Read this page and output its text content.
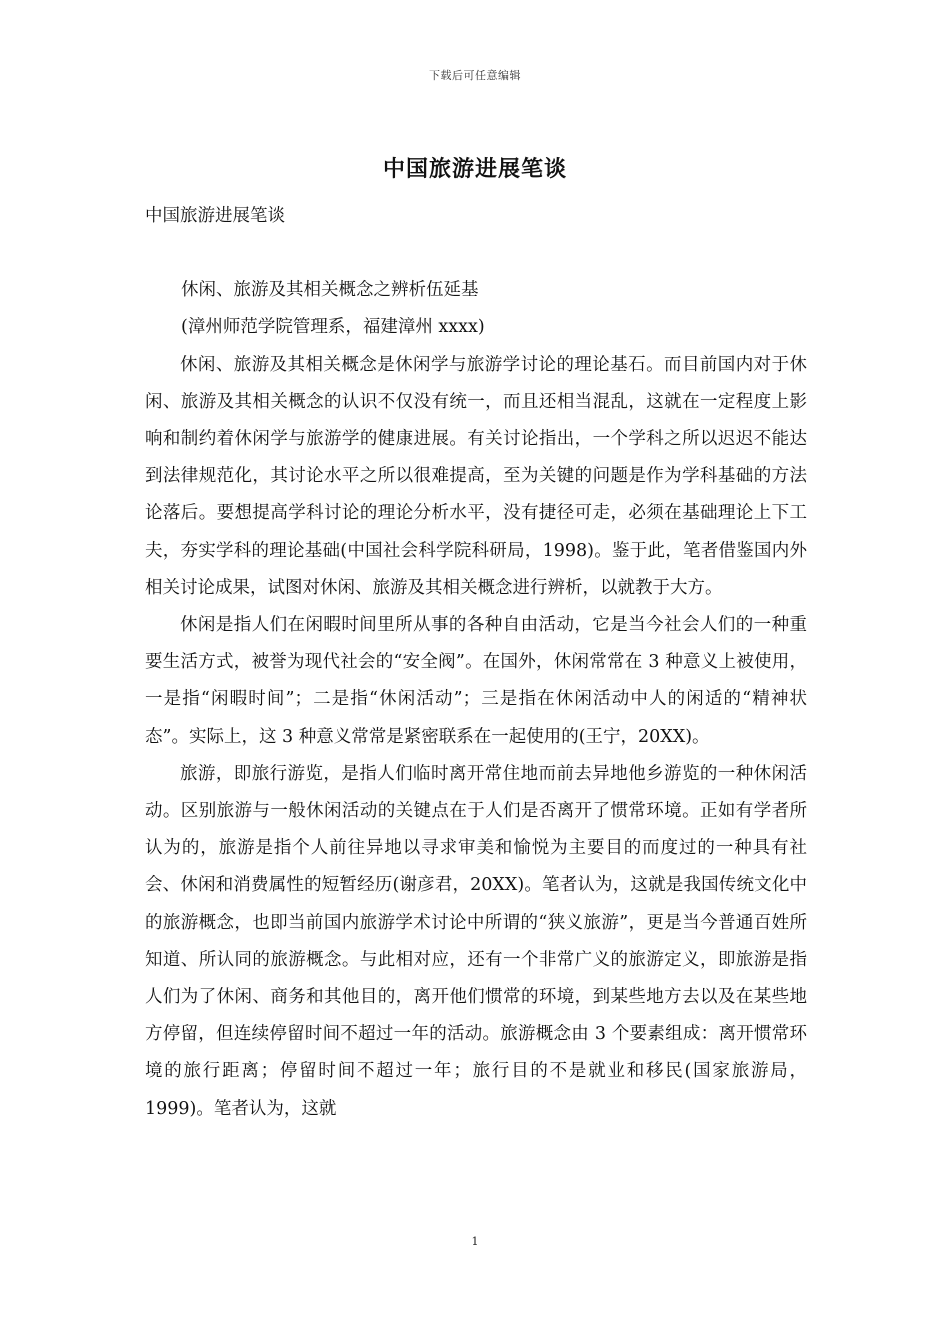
下载后可任意编辑
中国旅游进展笔谈

中国旅游进展笔谈

休闲、旅游及其相关概念之辨析伍延基

(漳州师范学院管理系，福建漳州 xxxx)

休闲、旅游及其相关概念是休闲学与旅游学讨论的理论基石。而目前国内对于休闲、旅游及其相关概念的认识不仅没有统一，而且还相当混乱，这就在一定程度上影响和制约着休闲学与旅游学的健康进展。有关讨论指出，一个学科之所以迟迟不能达到法律规范化，其讨论水平之所以很难提高，至为关键的问题是作为学科基础的方法论落后。要想提高学科讨论的理论分析水平，没有捷径可走，必须在基础理论上下工夫，夯实学科的理论基础(中国社会科学院科研局，1998)。鉴于此，笔者借鉴国内外相关讨论成果，试图对休闲、旅游及其相关概念进行辨析，以就教于大方。

休闲是指人们在闲暇时间里所从事的各种自由活动，它是当今社会人们的一种重要生活方式，被誉为现代社会的“安全阀”。在国外，休闲常常在 3 种意义上被使用，一是指“闲暇时间”；二是指“休闲活动”；三是指在休闲活动中人的闲适的“精神状态”。实际上，这 3 种意义常常是紧密联系在一起使用的(王宁，20XX)。

旅游，即旅行游览，是指人们临时离开常住地而前去异地他乡游览的一种休闲活动。区别旅游与一般休闲活动的关键点在于人们是否离开了惯常环境。正如有学者所认为的，旅游是指个人前往异地以寻求审美和愉悦为主要目的而度过的一种具有社会、休闲和消费属性的短暂经历(谢彦君，20XX)。笔者认为，这就是我国传统文化中的旅游概念，也即当前国内旅游学术讨论中所谓的“狭义旅游”，更是当今普通百姓所知道、所认同的旅游概念。与此相对应，还有一个非常广义的旅游定义，即旅游是指人们为了休闲、商务和其他目的，离开他们惯常的环境，到某些地方去以及在某些地方停留，但连续停留时间不超过一年的活动。旅游概念由 3 个要素组成：离开惯常环境的旅行距离；停留时间不超过一年；旅行目的不是就业和移民(国家旅游局，1999)。笔者认为，这就

1
